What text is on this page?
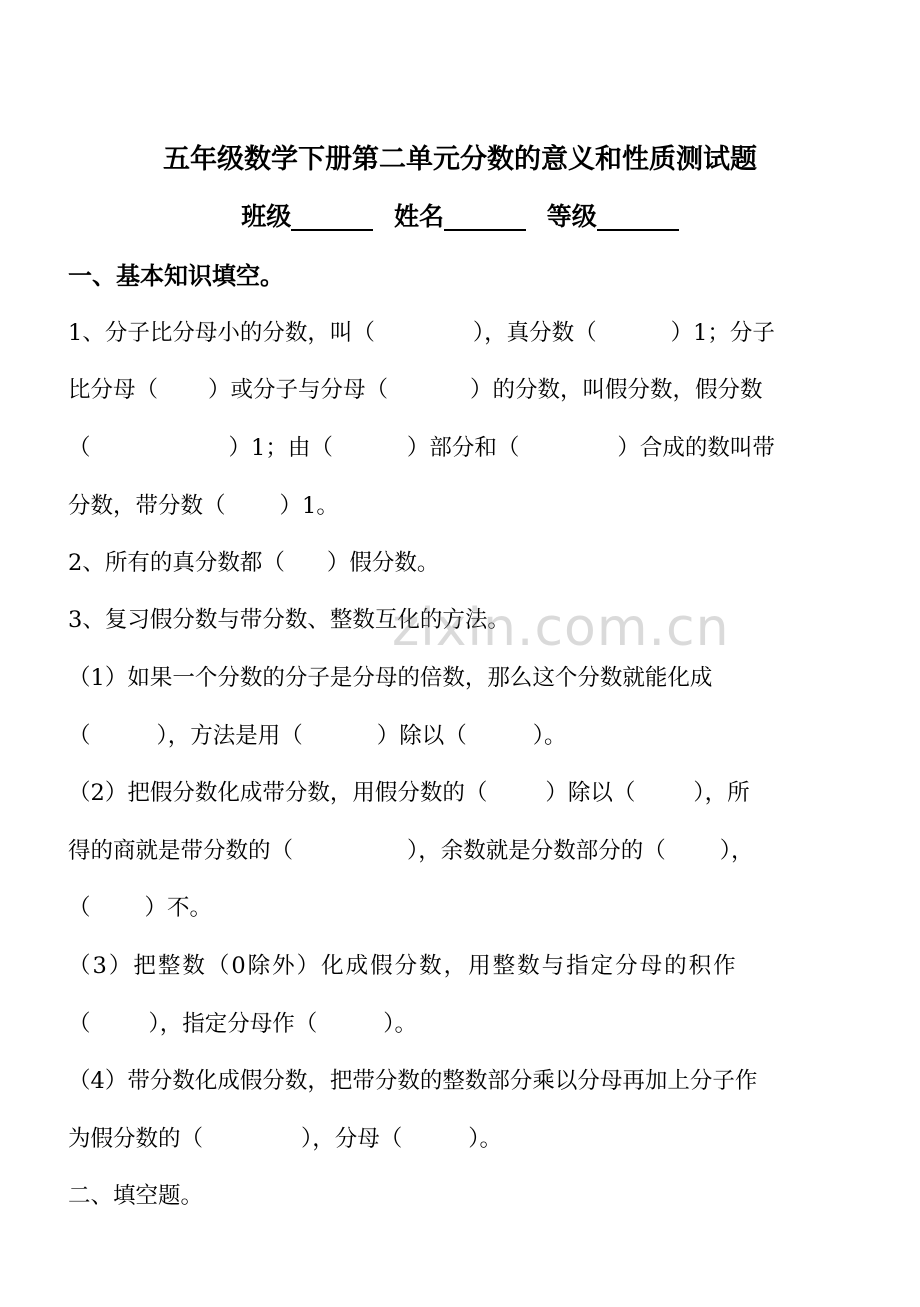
五年级数学下册第二单元分数的意义和性质测试题
班级	姓名	等级
一、基本知识填空。
1、分子比分母小的分数，叫（	），真分数（	）1；分子
比分母（ ）或分子与分母（	）的分数，叫假分数，假分数
（	）1；由（	）部分和（	）合成的数叫带
分数，带分数（ ）1。
2、所有的真分数都（ ）假分数。
3、复习假分数与带分数、整数互化的方法。
（1）如果一个分数的分子是分母的倍数，那么这个分数就能化成
（	），方法是用（	）除以（	）。
（2）把假分数化成带分数，用假分数的（	）除以（	），所
得的商就是带分数的（	），余数就是分数部分的（ ），
（ ）不。
（3）把整数（0除外）化成假分数，用整数与指定分母的积作
（	），指定分母作（	）。
（4）带分数化成假分数，把带分数的整数部分乘以分母再加上分子作
为假分数的（	），分母（	）。
二、填空题。
zixin.com.cn
